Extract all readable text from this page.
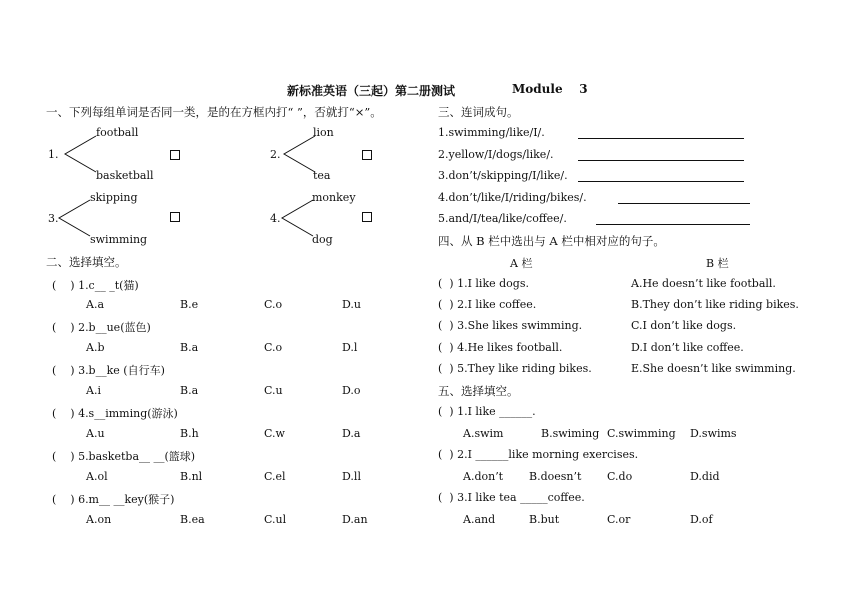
新标准英语（三起）第二册测试	Module    3
一、下列每组单词是否同一类，是的在方框内打“ ”，否就打“×”。
1.
football
basketball
2.
lion
tea
3.
skipping
swimming
4.
monkey
dog
二、选择填空。
(    ) 1.c__ _t(猫)
A.a	B.e	C.o	D.u
(    ) 2.b__ue(蓝色)
A.b	B.a	C.o	D.l
(    ) 3.b__ke (自行车)
A.i	B.a	C.u	D.o
(    ) 4.s__imming(游泳)
A.u	B.h	C.w	D.a
(    ) 5.basketba__ __(篮球)
A.ol	B.nl	C.el	D.ll
(    ) 6.m__ __key(猴子)
A.on	B.ea	C.ul	D.an
三、连词成句。
1.swimming/like/I/.
2.yellow/I/dogs/like/.
3.don’t/skipping/I/like/.
4.don’t/like/I/riding/bikes/.
5.and/I/tea/like/coffee/.
四、从 B 栏中选出与 A 栏中相对应的句子。
A 栏	B 栏
(  ) 1.I like dogs.	A.He doesn’t like football.
(  ) 2.I like coffee.	B.They don’t like riding bikes.
(  ) 3.She likes swimming.	C.I don’t like dogs.
(  ) 4.He likes football.	D.I don’t like coffee.
(  ) 5.They like riding bikes.	E.She doesn’t like swimming.
五、选择填空。
(  ) 1.I like ______.
A.swim	B.swiming C.swimming D.swims
(  ) 2.I ______like morning exercises.
A.don’t B.doesn’t C.do	D.did
(  ) 3.I like tea _____coffee.
A.and	B.but	C.or	D.of
